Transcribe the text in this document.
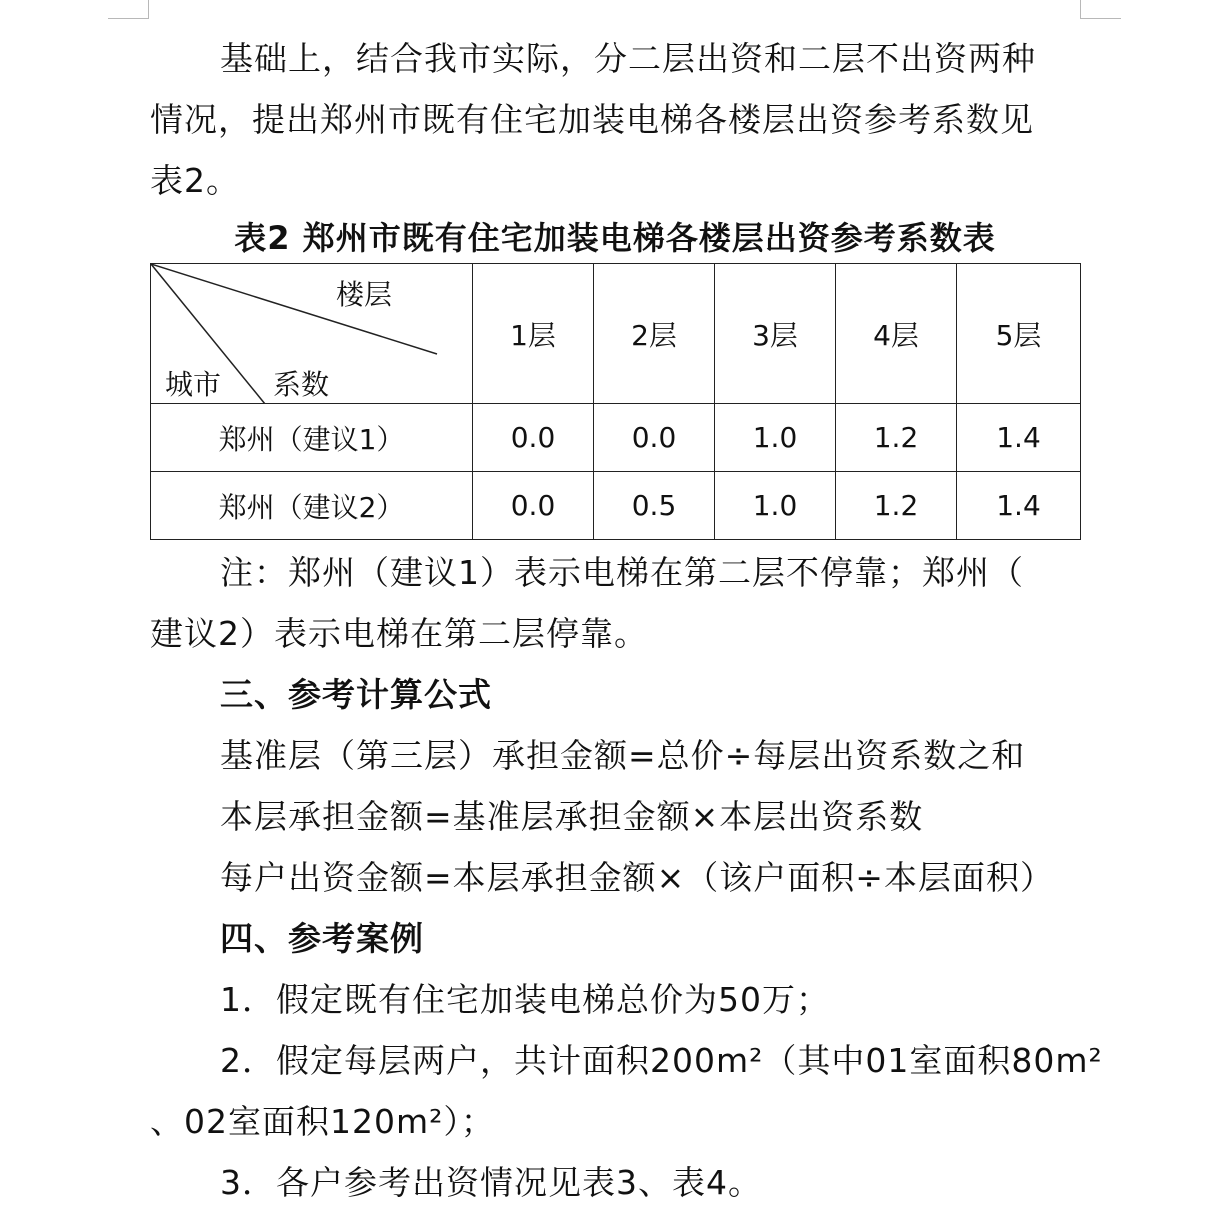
基础上，结合我市实际，分二层出资和二层不出资两种
情况，提出郑州市既有住宅加装电梯各楼层出资参考系数见
表2。
表2 郑州市既有住宅加装电梯各楼层出资参考系数表
楼层
城市 系数	1层	2层	3层	4层	5层
郑州（建议1）	0.0	0.0	1.0	1.2	1.4
郑州（建议2）	0.0	0.5	1.0	1.2	1.4
注：郑州（建议1）表示电梯在第二层不停靠；郑州（
建议2）表示电梯在第二层停靠。
三、参考计算公式
基准层（第三层）承担金额=总价÷每层出资系数之和
本层承担金额=基准层承担金额×本层出资系数
每户出资金额=本层承担金额×（该户面积÷本层面积）
四、参考案例
1．假定既有住宅加装电梯总价为50万；
2．假定每层两户，共计面积200m²（其中01室面积80m²
、02室面积120m²）；
3．各户参考出资情况见表3、表4。
